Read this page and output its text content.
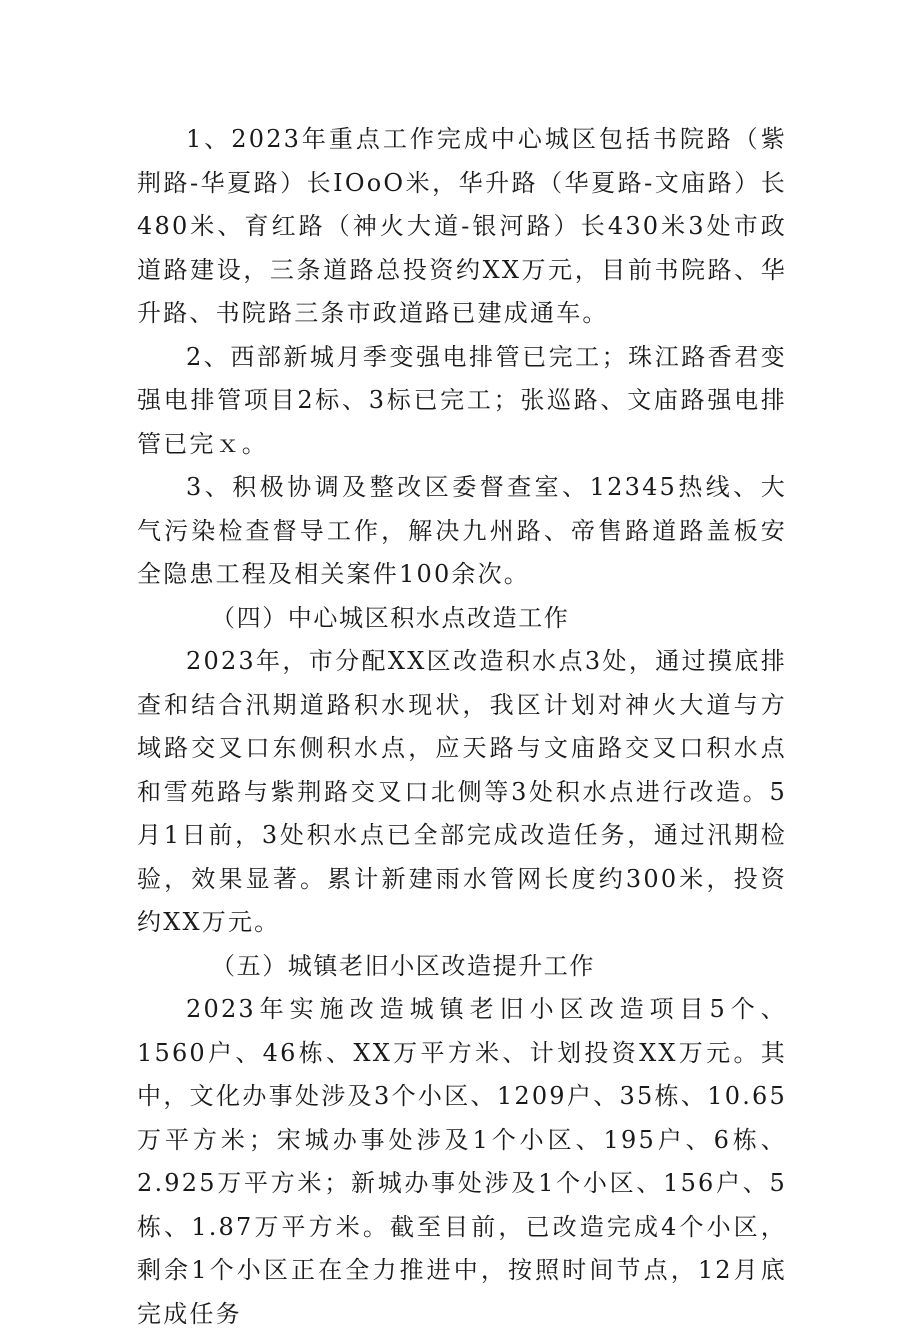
1、2023年重点工作完成中心城区包括书院路（紫荆路-华夏路）长IOoO米，华升路（华夏路-文庙路）长480米、育红路（神火大道-银河路）长430米3处市政道路建设，三条道路总投资约XX万元，目前书院路、华升路、书院路三条市政道路已建成通车。

2、西部新城月季变强电排管已完工；珠江路香君变强电排管项目2标、3标已完工；张巡路、文庙路强电排管已完ｘ。

3、积极协调及整改区委督查室、12345热线、大气污染检查督导工作，解决九州路、帝售路道路盖板安全隐患工程及相关案件100余次。

（四）中心城区积水点改造工作

2023年，市分配XX区改造积水点3处，通过摸底排查和结合汛期道路积水现状，我区计划对神火大道与方域路交叉口东侧积水点，应天路与文庙路交叉口积水点和雪苑路与紫荆路交叉口北侧等3处积水点进行改造。5月1日前，3处积水点已全部完成改造任务，通过汛期检验，效果显著。累计新建雨水管网长度约300米，投资约XX万元。

（五）城镇老旧小区改造提升工作

2023年实施改造城镇老旧小区改造项目5个、1560户、46栋、XX万平方米、计划投资XX万元。其中，文化办事处涉及3个小区、1209户、35栋、10.65万平方米；宋城办事处涉及1个小区、195户、6栋、2.925万平方米；新城办事处涉及1个小区、156户、5栋、1.87万平方米。截至目前，已改造完成4个小区，剩余1个小区正在全力推进中，按照时间节点，12月底完成任务
